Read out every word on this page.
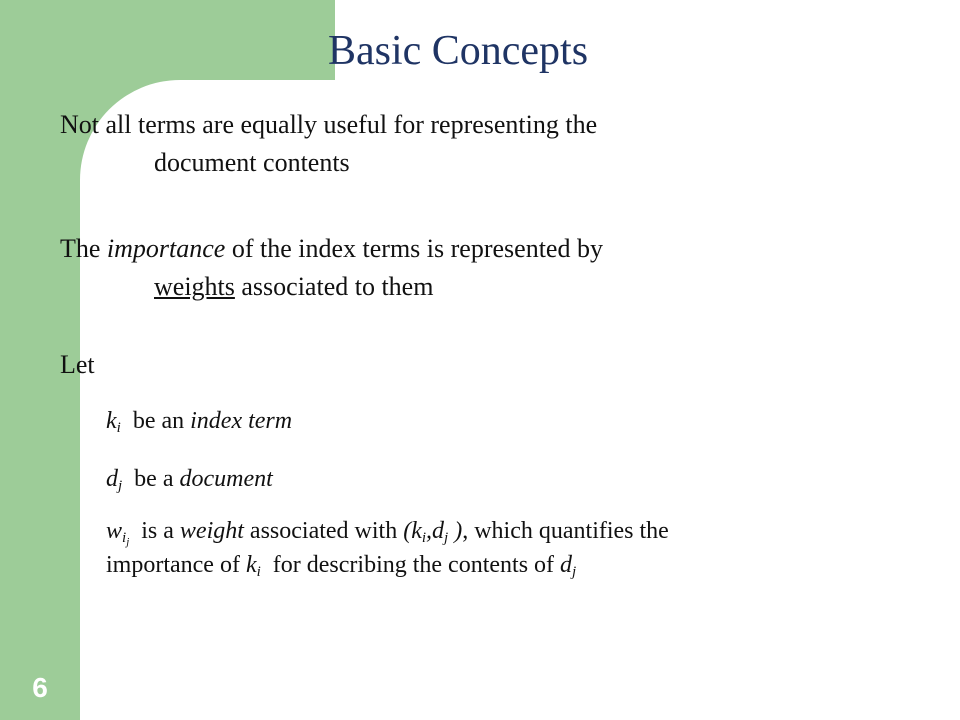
6
Basic Concepts
Not all terms are equally useful for representing the
document contents
The importance of the index terms is represented by
weights associated to them
Let
$k_i$  be an index term
$d_j$  be a document
$w_{i_j}$  is a weight associated with ($k_i,d_j$ ), which quantifies the
importance of $k_i$  for describing the contents of $d_j$
